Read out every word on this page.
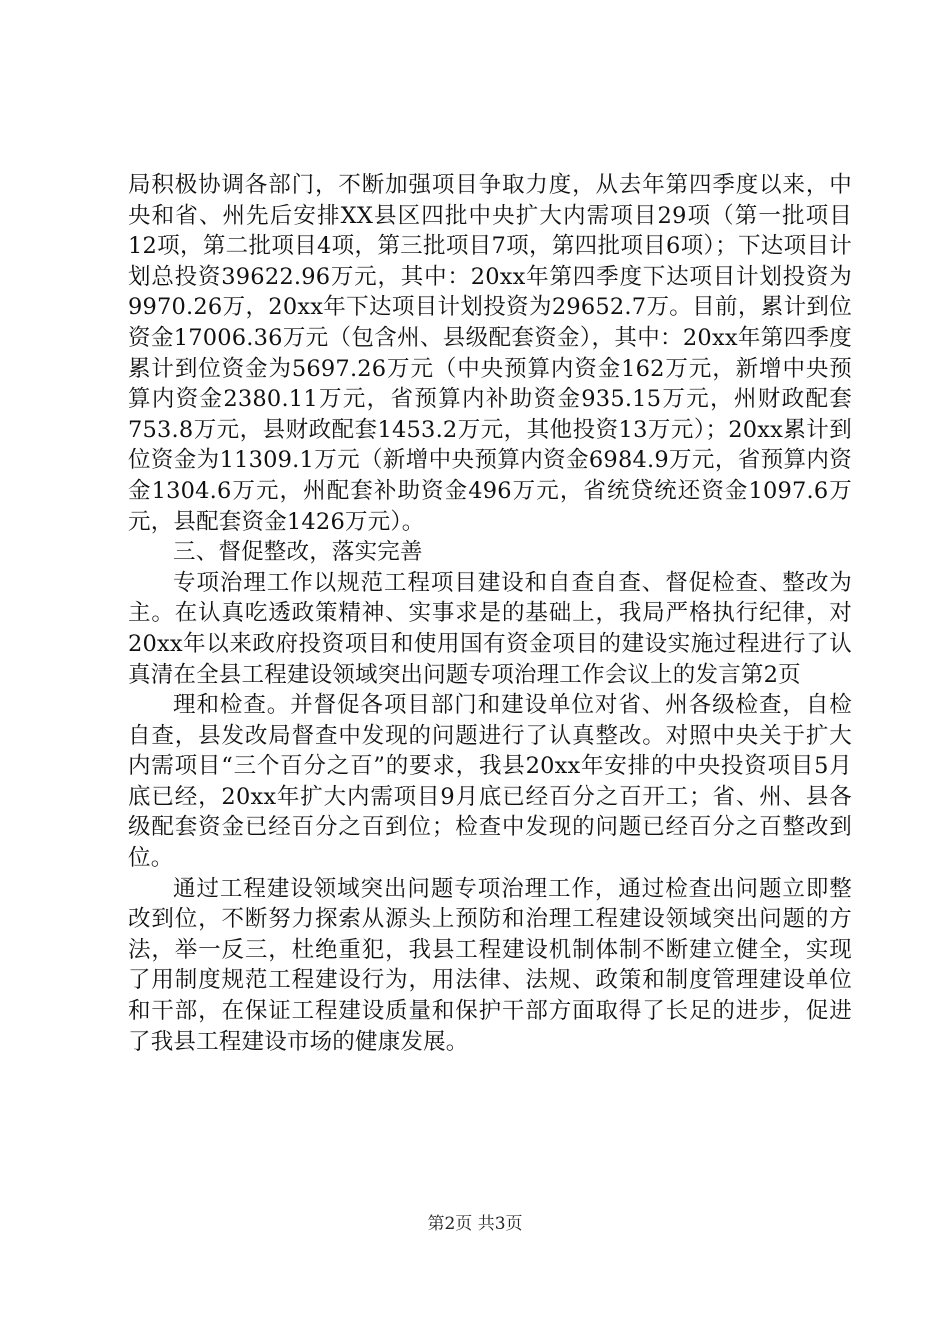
局积极协调各部门，不断加强项目争取力度，从去年第四季度以来，中央和省、州先后安排XX县区四批中央扩大内需项目29项（第一批项目12项，第二批项目4项，第三批项目7项，第四批项目6项）；下达项目计划总投资39622.96万元，其中：20xx年第四季度下达项目计划投资为9970.26万，20xx年下达项目计划投资为29652.7万。目前，累计到位资金17006.36万元（包含州、县级配套资金），其中：20xx年第四季度累计到位资金为5697.26万元（中央预算内资金162万元，新增中央预算内资金2380.11万元，省预算内补助资金935.15万元，州财政配套753.8万元，县财政配套1453.2万元，其他投资13万元）；20xx累计到位资金为11309.1万元（新增中央预算内资金6984.9万元，省预算内资金1304.6万元，州配套补助资金496万元，省统贷统还资金1097.6万元，县配套资金1426万元）。

三、督促整改，落实完善

专项治理工作以规范工程项目建设和自查自查、督促检查、整改为主。在认真吃透政策精神、实事求是的基础上，我局严格执行纪律，对20xx年以来政府投资项目和使用国有资金项目的建设实施过程进行了认真清在全县工程建设领域突出问题专项治理工作会议上的发言第2页

理和检查。并督促各项目部门和建设单位对省、州各级检查，自检自查，县发改局督查中发现的问题进行了认真整改。对照中央关于扩大内需项目“三个百分之百”的要求，我县20xx年安排的中央投资项目5月底已经，20xx年扩大内需项目9月底已经百分之百开工；省、州、县各级配套资金已经百分之百到位；检查中发现的问题已经百分之百整改到位。

通过工程建设领域突出问题专项治理工作，通过检查出问题立即整改到位，不断努力探索从源头上预防和治理工程建设领域突出问题的方法，举一反三，杜绝重犯，我县工程建设机制体制不断建立健全，实现了用制度规范工程建设行为，用法律、法规、政策和制度管理建设单位和干部，在保证工程建设质量和保护干部方面取得了长足的进步，促进了我县工程建设市场的健康发展。

第2页 共3页
